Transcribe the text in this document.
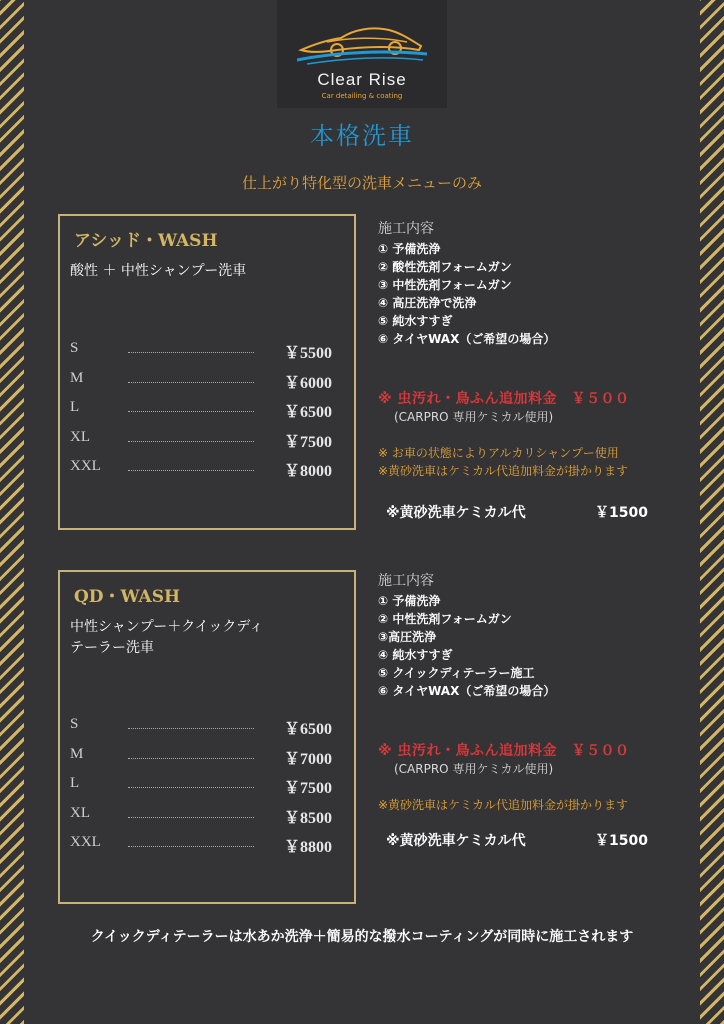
Clear Rise
Car detailing & coating
本格洗車
仕上がり特化型の洗車メニューのみ
アシッド・WASH
酸性 ＋ 中性シャンプー洗車
S	￥5500
M	￥6000
L	￥6500
XL	￥7500
XXL	￥8000
施工内容
① 予備洗浄
② 酸性洗剤フォームガン
③ 中性洗剤フォームガン
④ 高圧洗浄で洗浄
⑤ 純水すすぎ
⑥ タイヤWAX（ご希望の場合）
※ 虫汚れ・鳥ふん追加料金　￥５００
(CARPRO 専用ケミカル使用)
※ お車の状態によりアルカリシャンプー使用
※黄砂洗車はケミカル代追加料金が掛かります
※黄砂洗車ケミカル代	￥1500
QD・WASH
中性シャンプー＋クイックディ
テーラー洗車
S	￥6500
M	￥7000
L	￥7500
XL	￥8500
XXL	￥8800
施工内容
① 予備洗浄
② 中性洗剤フォームガン
③高圧洗浄
④ 純水すすぎ
⑤ クイックディテーラー施工
⑥ タイヤWAX（ご希望の場合）
※ 虫汚れ・鳥ふん追加料金　￥５００
(CARPRO 専用ケミカル使用)
※黄砂洗車はケミカル代追加料金が掛かります
※黄砂洗車ケミカル代	￥1500
クイックディテーラーは水あか洗浄＋簡易的な撥水コーティングが同時に施工されます
